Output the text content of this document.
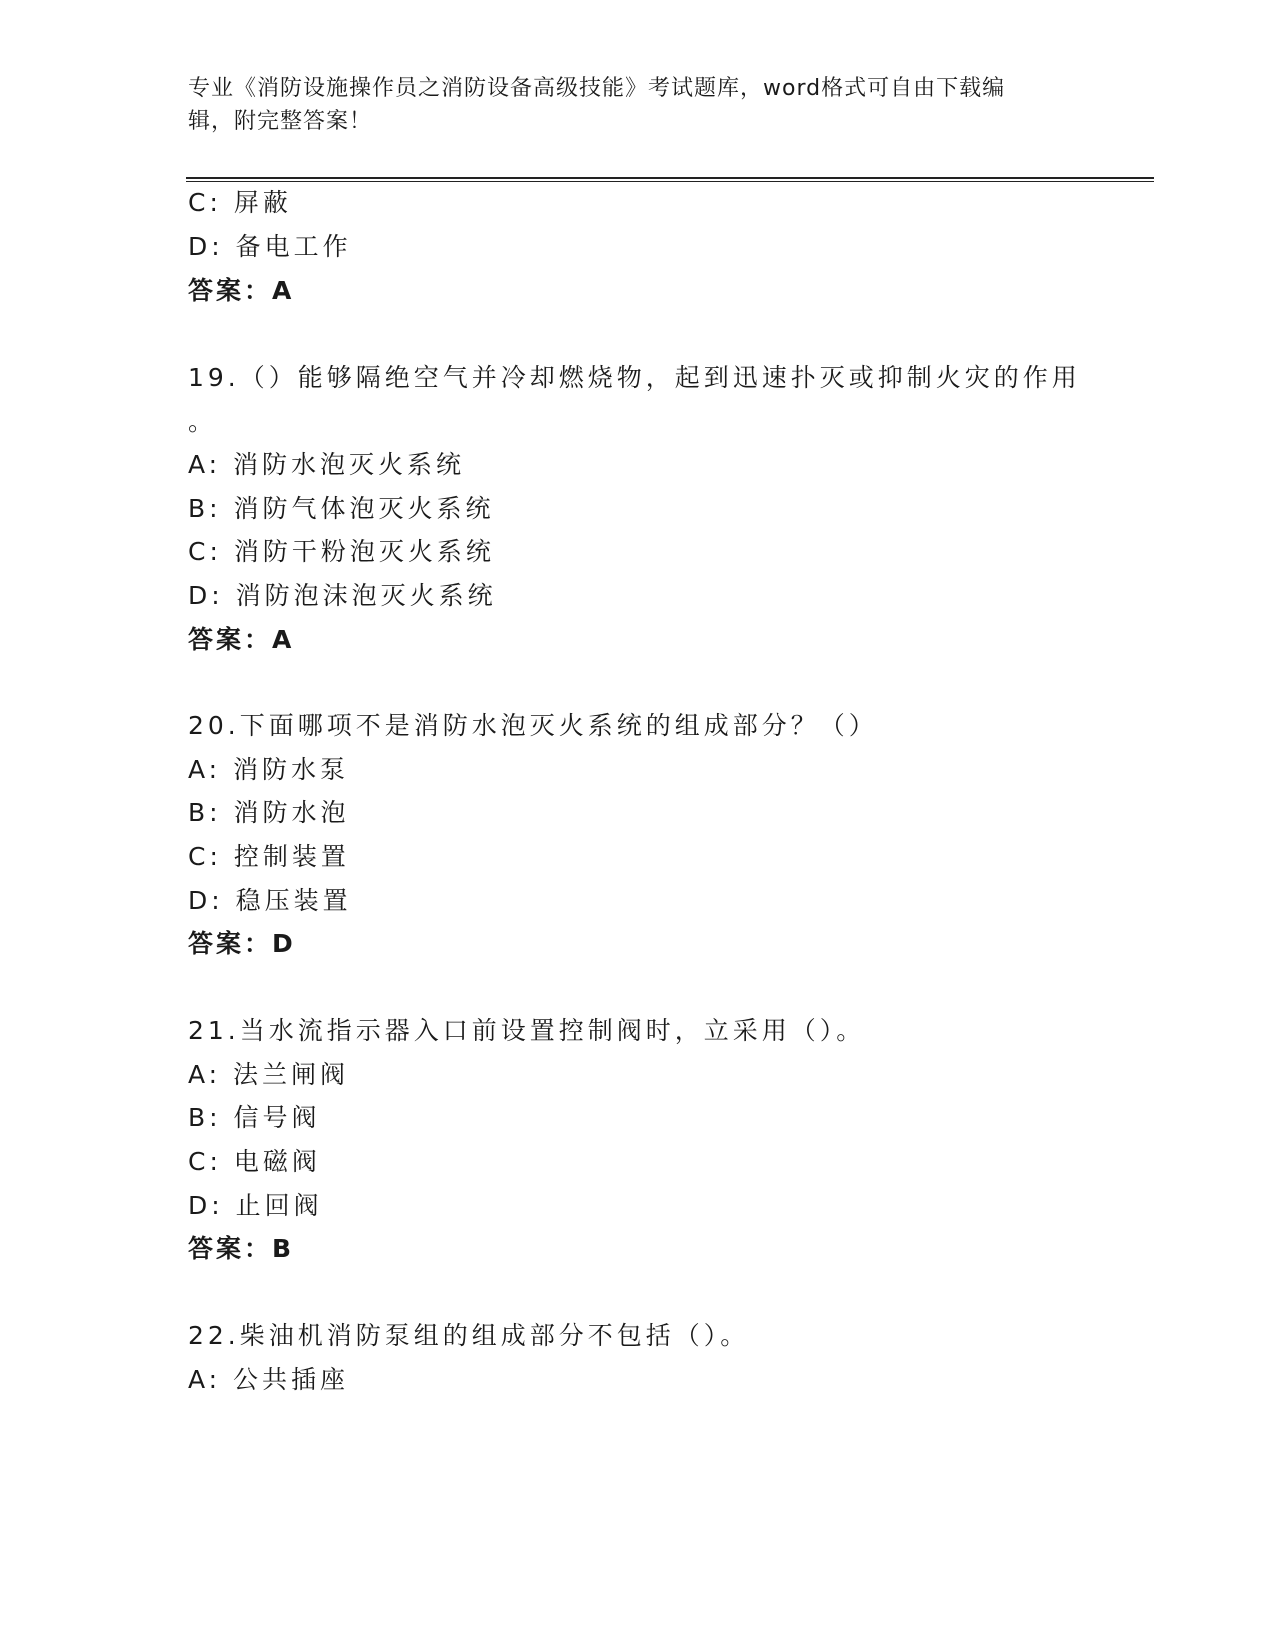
专业《消防设施操作员之消防设备高级技能》考试题库，word格式可自由下载编
辑，附完整答案！
C: 屏蔽
D: 备电工作
答案：A
19.（）能够隔绝空气并冷却燃烧物，起到迅速扑灭或抑制火灾的作用
。
A: 消防水泡灭火系统
B: 消防气体泡灭火系统
C: 消防干粉泡灭火系统
D: 消防泡沫泡灭火系统
答案：A
20.下面哪项不是消防水泡灭火系统的组成部分？（）
A: 消防水泵
B: 消防水泡
C: 控制装置
D: 稳压装置
答案：D
21.当水流指示器入口前设置控制阀时，立采用（）。
A: 法兰闸阀
B: 信号阀
C: 电磁阀
D: 止回阀
答案：B
22.柴油机消防泵组的组成部分不包括（）。
A: 公共插座
